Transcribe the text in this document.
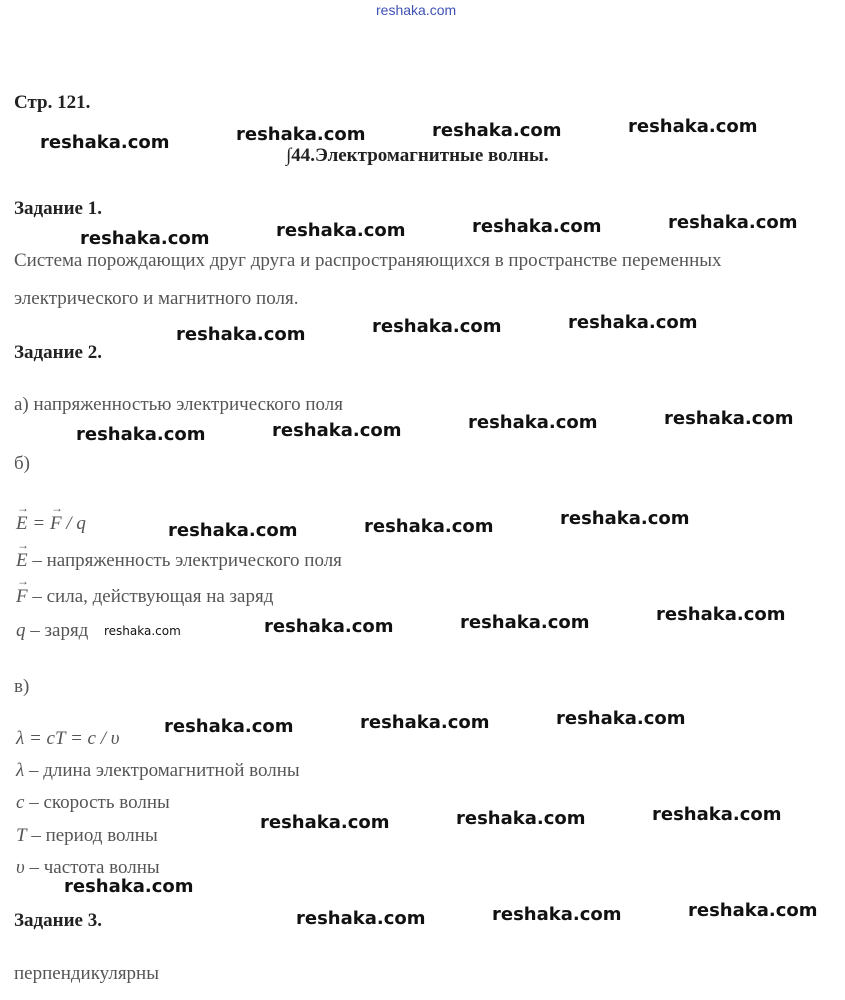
reshaka.com
Стр. 121.
∫44.Электромагнитные волны.
Задание 1.
Система порождающих друг друга и распространяющихся в пространстве переменных
электрического и магнитного поля.
Задание 2.
а) напряженностью электрического поля
б)
→ E = → F / q
→ E – напряженность электрического поля
→ F – сила, действующая на заряд
q – заряд
в)
λ = cT = c / υ
λ – длина электромагнитной волны
c – скорость волны
T – период волны
υ – частота волны
Задание 3.
перпендикулярны
reshaka.com	reshaka.com	reshaka.com	reshaka.com
reshaka.com	reshaka.com	reshaka.com	reshaka.com
reshaka.com	reshaka.com	reshaka.com
reshaka.com	reshaka.com	reshaka.com	reshaka.com
reshaka.com	reshaka.com	reshaka.com
reshaka.com	reshaka.com	reshaka.com	reshaka.com
reshaka.com	reshaka.com	reshaka.com
reshaka.com	reshaka.com	reshaka.com
reshaka.com
reshaka.com	reshaka.com	reshaka.com
